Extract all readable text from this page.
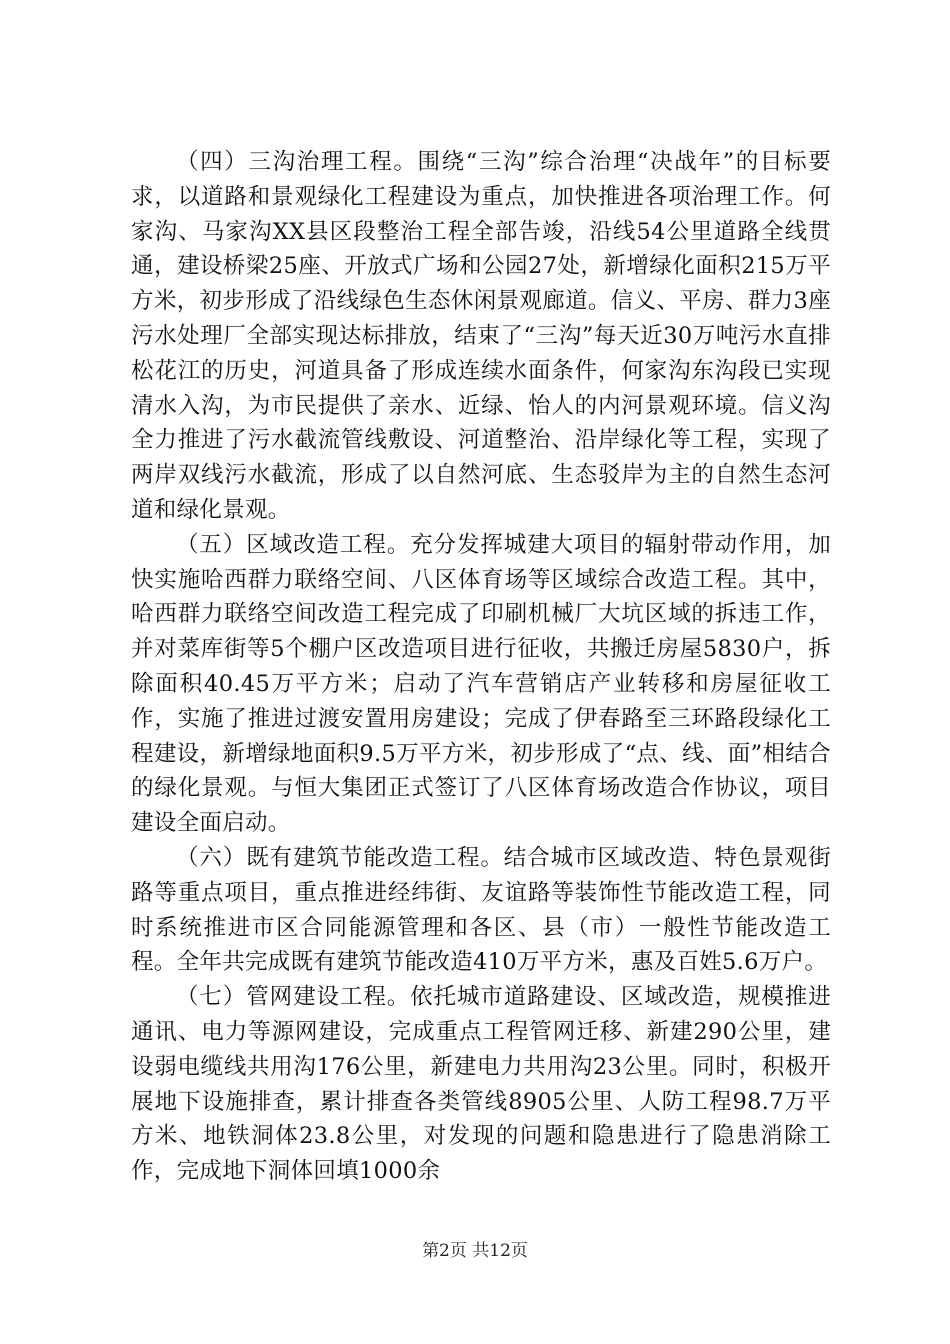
（四）三沟治理工程。围绕“三沟”综合治理“决战年”的目标要求，以道路和景观绿化工程建设为重点，加快推进各项治理工作。何家沟、马家沟XX县区段整治工程全部告竣，沿线54公里道路全线贯通，建设桥梁25座、开放式广场和公园27处，新增绿化面积215万平方米，初步形成了沿线绿色生态休闲景观廊道。信义、平房、群力3座污水处理厂全部实现达标排放，结束了“三沟”每天近30万吨污水直排松花江的历史，河道具备了形成连续水面条件，何家沟东沟段已实现清水入沟，为市民提供了亲水、近绿、怡人的内河景观环境。信义沟全力推进了污水截流管线敷设、河道整治、沿岸绿化等工程，实现了两岸双线污水截流，形成了以自然河底、生态驳岸为主的自然生态河道和绿化景观。

（五）区域改造工程。充分发挥城建大项目的辐射带动作用，加快实施哈西群力联络空间、八区体育场等区域综合改造工程。其中，哈西群力联络空间改造工程完成了印刷机械厂大坑区域的拆违工作，并对菜库街等5个棚户区改造项目进行征收，共搬迁房屋5830户，拆除面积40.45万平方米；启动了汽车营销店产业转移和房屋征收工作，实施了推进过渡安置用房建设；完成了伊春路至三环路段绿化工程建设，新增绿地面积9.5万平方米，初步形成了“点、线、面”相结合的绿化景观。与恒大集团正式签订了八区体育场改造合作协议，项目建设全面启动。

（六）既有建筑节能改造工程。结合城市区域改造、特色景观街路等重点项目，重点推进经纬街、友谊路等装饰性节能改造工程，同时系统推进市区合同能源管理和各区、县（市）一般性节能改造工程。全年共完成既有建筑节能改造410万平方米，惠及百姓5.6万户。

（七）管网建设工程。依托城市道路建设、区域改造，规模推进通讯、电力等源网建设，完成重点工程管网迁移、新建290公里，建设弱电缆线共用沟176公里，新建电力共用沟23公里。同时，积极开展地下设施排查，累计排查各类管线8905公里、人防工程98.7万平方米、地铁洞体23.8公里，对发现的问题和隐患进行了隐患消除工作，完成地下洞体回填1000余

第2页 共12页
